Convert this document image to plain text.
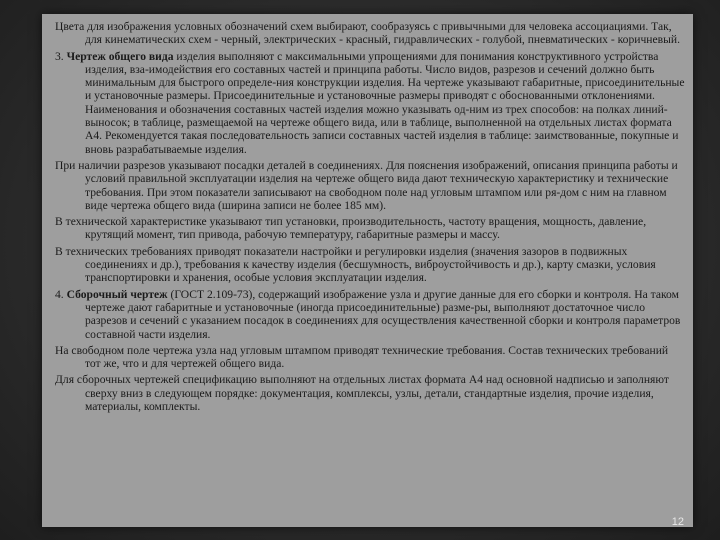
Цвета для изображения условных обозначений схем выбирают, сообразуясь с привычными для человека ассоциациями. Так, для кинематических схем - черный, электрических - красный, гидравлических - голубой, пневматических - коричневый.

3. Чертеж общего вида изделия выполняют с максимальными упрощениями для понимания конструктивного устройства изделия, вза-имодействия его составных частей и принципа работы. Число видов, разрезов и сечений должно быть минимальным для быстрого определе-ния конструкции изделия. На чертеже указывают габаритные, присоединительные и установочные размеры. Присоединительные и установочные размеры приводят с обоснованными отклонениями. Наименования и обозначения составных частей изделия можно указывать од-ним из трех способов: на полках линий-выносок; в таблице, размещаемой на чертеже общего вида, или в таблице, выполненной на отдельных листах формата А4. Рекомендуется такая последовательность записи составных частей изделия в таблице: заимствованные, покупные и вновь разрабатываемые изделия.

При наличии разрезов указывают посадки деталей в соединениях. Для пояснения изображений, описания принципа работы и условий правильной эксплуатации изделия на чертеже общего вида дают техническую характеристику и технические требования. При этом показатели записывают на свободном поле над угловым штампом или ря-дом с ним на главном виде чертежа общего вида (ширина записи не более 185 мм).

В технической характеристике указывают тип установки, производительность, частоту вращения, мощность, давление, крутящий момент, тип привода, рабочую температуру, габаритные размеры и массу.

В технических требованиях приводят показатели настройки и регулировки изделия (значения зазоров в подвижных соединениях и др.), требования к качеству изделия (бесшумность, виброустойчивость и др.), карту смазки, условия транспортировки и хранения, особые условия эксплуатации изделия.

4. Сборочный чертеж (ГОСТ 2.109-73), содержащий изображение узла и другие данные для его сборки и контроля. На таком чертеже дают габаритные и установочные (иногда присоединительные) разме-ры, выполняют достаточное число разрезов и сечений с указанием посадок в соединениях для осуществления качественной сборки и контроля параметров составной части изделия.

На свободном поле чертежа узла над угловым штампом приводят технические требования. Состав технических требований тот же, что и для чертежей общего вида.

Для сборочных чертежей спецификацию выполняют на отдельных листах формата А4 над основной надписью и заполняют сверху вниз в следующем порядке: документация, комплексы, узлы, детали, стандартные изделия, прочие изделия, материалы, комплекты.

12
